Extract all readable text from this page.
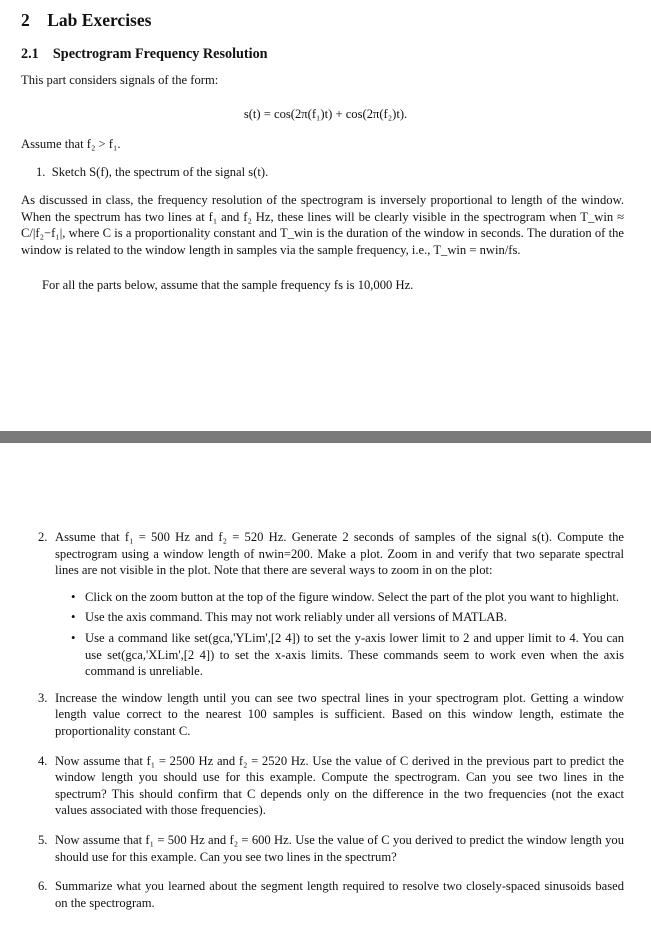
2 Lab Exercises
2.1 Spectrogram Frequency Resolution
This part considers signals of the form:
s(t) = cos(2π(f₁)t) + cos(2π(f₂)t).
Assume that f₂ > f₁.
1. Sketch S(f), the spectrum of the signal s(t).
As discussed in class, the frequency resolution of the spectrogram is inversely proportional to length of the window. When the spectrum has two lines at f₁ and f₂ Hz, these lines will be clearly visible in the spectrogram when T_win ≈ C/|f₂−f₁|, where C is a proportionality constant and T_win is the duration of the window in seconds. The duration of the window is related to the window length in samples via the sample frequency, i.e., T_win = nwin/fs.
For all the parts below, assume that the sample frequency fs is 10,000 Hz.
2. Assume that f₁ = 500 Hz and f₂ = 520 Hz. Generate 2 seconds of samples of the signal s(t). Compute the spectrogram using a window length of nwin=200. Make a plot. Zoom in and verify that two separate spectral lines are not visible in the plot. Note that there are several ways to zoom in on the plot:
• Click on the zoom button at the top of the figure window. Select the part of the plot you want to highlight.
• Use the axis command. This may not work reliably under all versions of MATLAB.
• Use a command like set(gca,'YLim',[2 4]) to set the y-axis lower limit to 2 and upper limit to 4. You can use set(gca,'XLim',[2 4]) to set the x-axis limits. These commands seem to work even when the axis command is unreliable.
3. Increase the window length until you can see two spectral lines in your spectrogram plot. Getting a window length value correct to the nearest 100 samples is sufficient. Based on this window length, estimate the proportionality constant C.
4. Now assume that f₁ = 2500 Hz and f₂ = 2520 Hz. Use the value of C derived in the previous part to predict the window length you should use for this example. Compute the spectrogram. Can you see two lines in the spectrum? This should confirm that C depends only on the difference in the two frequencies (not the exact values associated with those frequencies).
5. Now assume that f₁ = 500 Hz and f₂ = 600 Hz. Use the value of C you derived to predict the window length you should use for this example. Can you see two lines in the spectrum?
6. Summarize what you learned about the segment length required to resolve two closely-spaced sinusoids based on the spectrogram.
